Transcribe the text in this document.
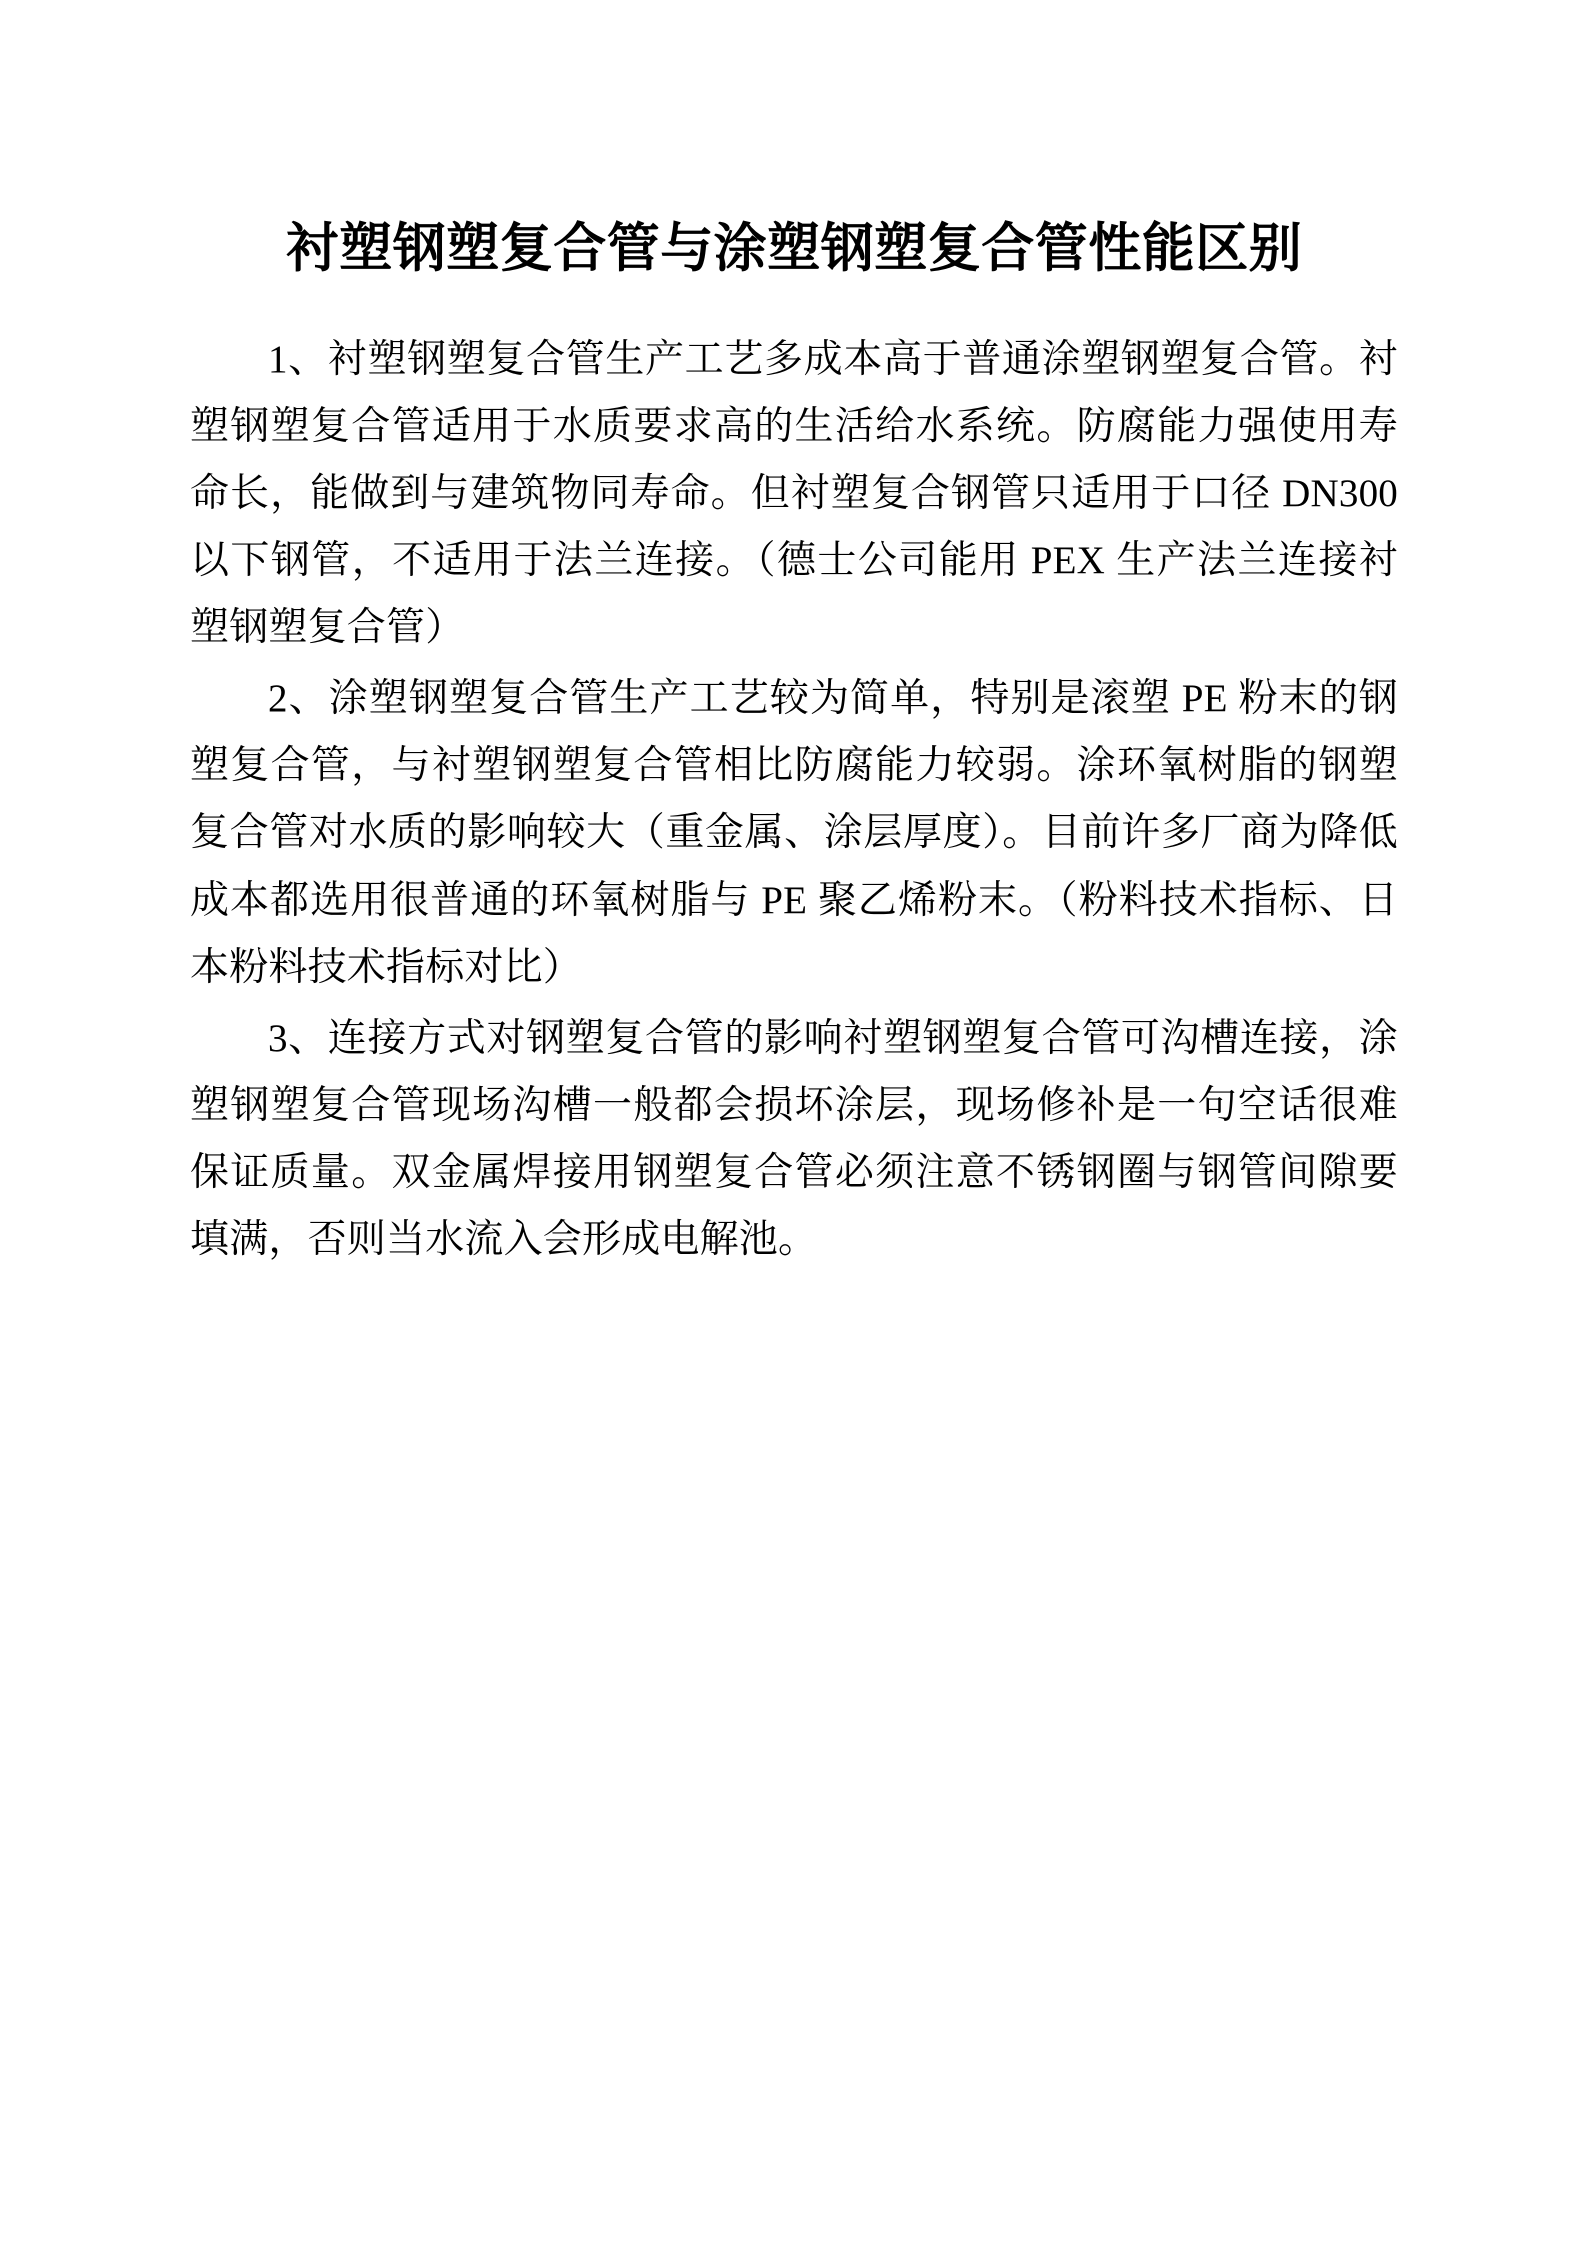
衬塑钢塑复合管与涂塑钢塑复合管性能区别

1、衬塑钢塑复合管生产工艺多成本高于普通涂塑钢塑复合管。衬塑钢塑复合管适用于水质要求高的生活给水系统。防腐能力强使用寿命长，能做到与建筑物同寿命。但衬塑复合钢管只适用于口径 DN300 以下钢管，不适用于法兰连接。（德士公司能用 PEX 生产法兰连接衬塑钢塑复合管）

2、涂塑钢塑复合管生产工艺较为简单，特别是滚塑 PE 粉末的钢塑复合管，与衬塑钢塑复合管相比防腐能力较弱。涂环氧树脂的钢塑复合管对水质的影响较大（重金属、涂层厚度）。目前许多厂商为降低成本都选用很普通的环氧树脂与 PE 聚乙烯粉末。（粉料技术指标、日本粉料技术指标对比）

3、连接方式对钢塑复合管的影响衬塑钢塑复合管可沟槽连接，涂塑钢塑复合管现场沟槽一般都会损坏涂层，现场修补是一句空话很难保证质量。双金属焊接用钢塑复合管必须注意不锈钢圈与钢管间隙要填满，否则当水流入会形成电解池。
